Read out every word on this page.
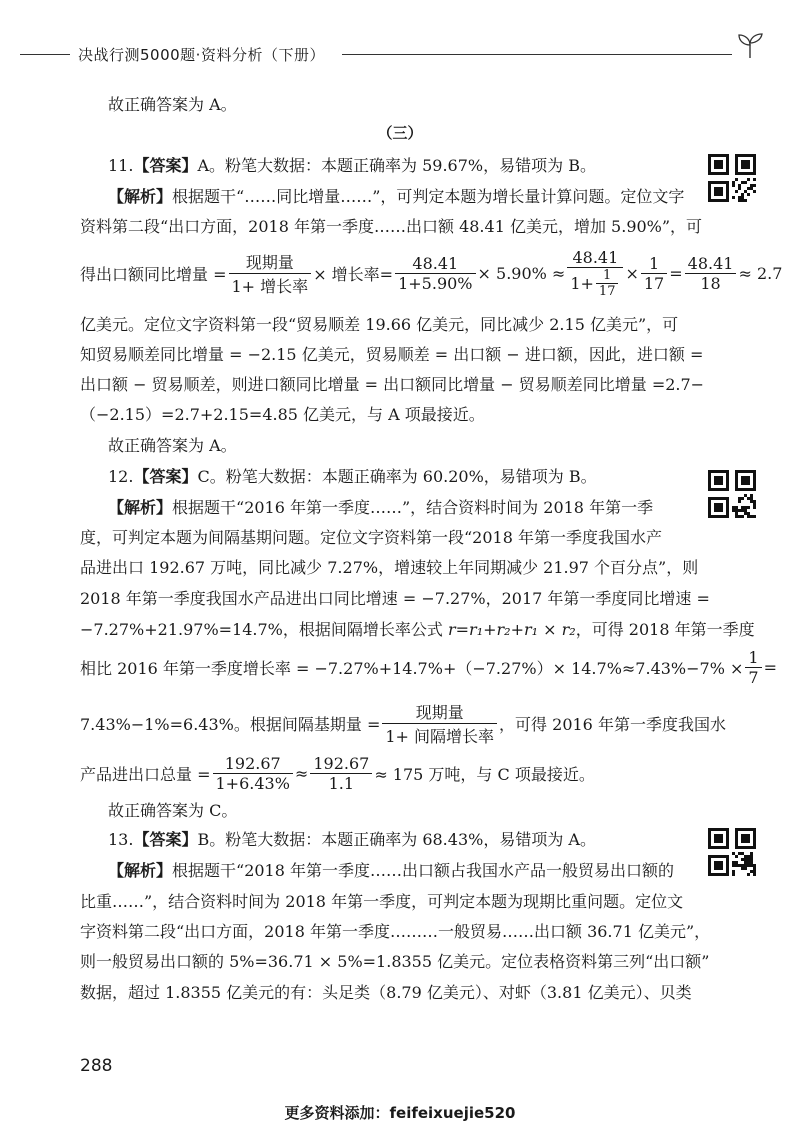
决战行测5000题·资料分析（下册）
故正确答案为 A。
（三）
11.【答案】A。粉笔大数据：本题正确率为 59.67%，易错项为 B。
【解析】根据题干“……同比增量……”，可判定本题为增长量计算问题。定位文字
资料第二段“出口方面，2018 年第一季度……出口额 48.41 亿美元，增加 5.90%”，可
得出口额同比增量 = $\frac{\text{现期量}}{\text{1+ 增长率}}$ × 增长率= $\frac{48.41}{1+5.90\%} \times 5.90\% \approx \frac{48.41}{1+ \frac{1}{17}} \times \frac{1}{17} = \frac{48.41}{18} \approx 2.7$
亿美元。定位文字资料第一段“贸易顺差 19.66 亿美元，同比减少 2.15 亿美元”，可
知贸易顺差同比增量 = −2.15 亿美元，贸易顺差 = 出口额 − 进口额，因此，进口额 =
出口额 − 贸易顺差，则进口额同比增量 = 出口额同比增量 − 贸易顺差同比增量 =2.7−
（−2.15）=2.7+2.15=4.85 亿美元，与 A 项最接近。
故正确答案为 A。
12.【答案】C。粉笔大数据：本题正确率为 60.20%，易错项为 B。
【解析】根据题干“2016 年第一季度……”，结合资料时间为 2018 年第一季
度，可判定本题为间隔基期问题。定位文字资料第一段“2018 年第一季度我国水产
品进出口 192.67 万吨，同比减少 7.27%，增速较上年同期减少 21.97 个百分点”，则
2018 年第一季度我国水产品进出口同比增速 = −7.27%，2017 年第一季度同比增速 =
−7.27%+21.97%=14.7%，根据间隔增长率公式 r=r₁+r₂+r₁ × r₂，可得 2018 年第一季度
相比 2016 年第一季度增长率 = $-7.27\%+14.7\%+(-7.27\%)\times 14.7\%\approx 7.43\%-7\% \times \frac{1}{7}$ =
7.43%−1%=6.43%。根据间隔基期量 = $\frac{\text{现期量}}{\text{1+ 间隔增长率}}$ ，可得 2016 年第一季度我国水
产品进出口总量 = $\frac{192.67}{1+6.43\%} \approx \frac{192.67}{1.1} \approx 175$ 万吨，与 C 项最接近。
故正确答案为 C。
13.【答案】B。粉笔大数据：本题正确率为 68.43%，易错项为 A。
【解析】根据题干“2018 年第一季度……出口额占我国水产品一般贸易出口额的
比重……”，结合资料时间为 2018 年第一季度，可判定本题为现期比重问题。定位文
字资料第二段“出口方面，2018 年第一季度………一般贸易……出口额 36.71 亿美元”，
则一般贸易出口额的 5%=36.71 × 5%=1.8355 亿美元。定位表格资料第三列“出口额”
数据，超过 1.8355 亿美元的有：头足类（8.79 亿美元）、对虾（3.81 亿美元）、贝类
288
更多资料添加：feifeixuejie520
